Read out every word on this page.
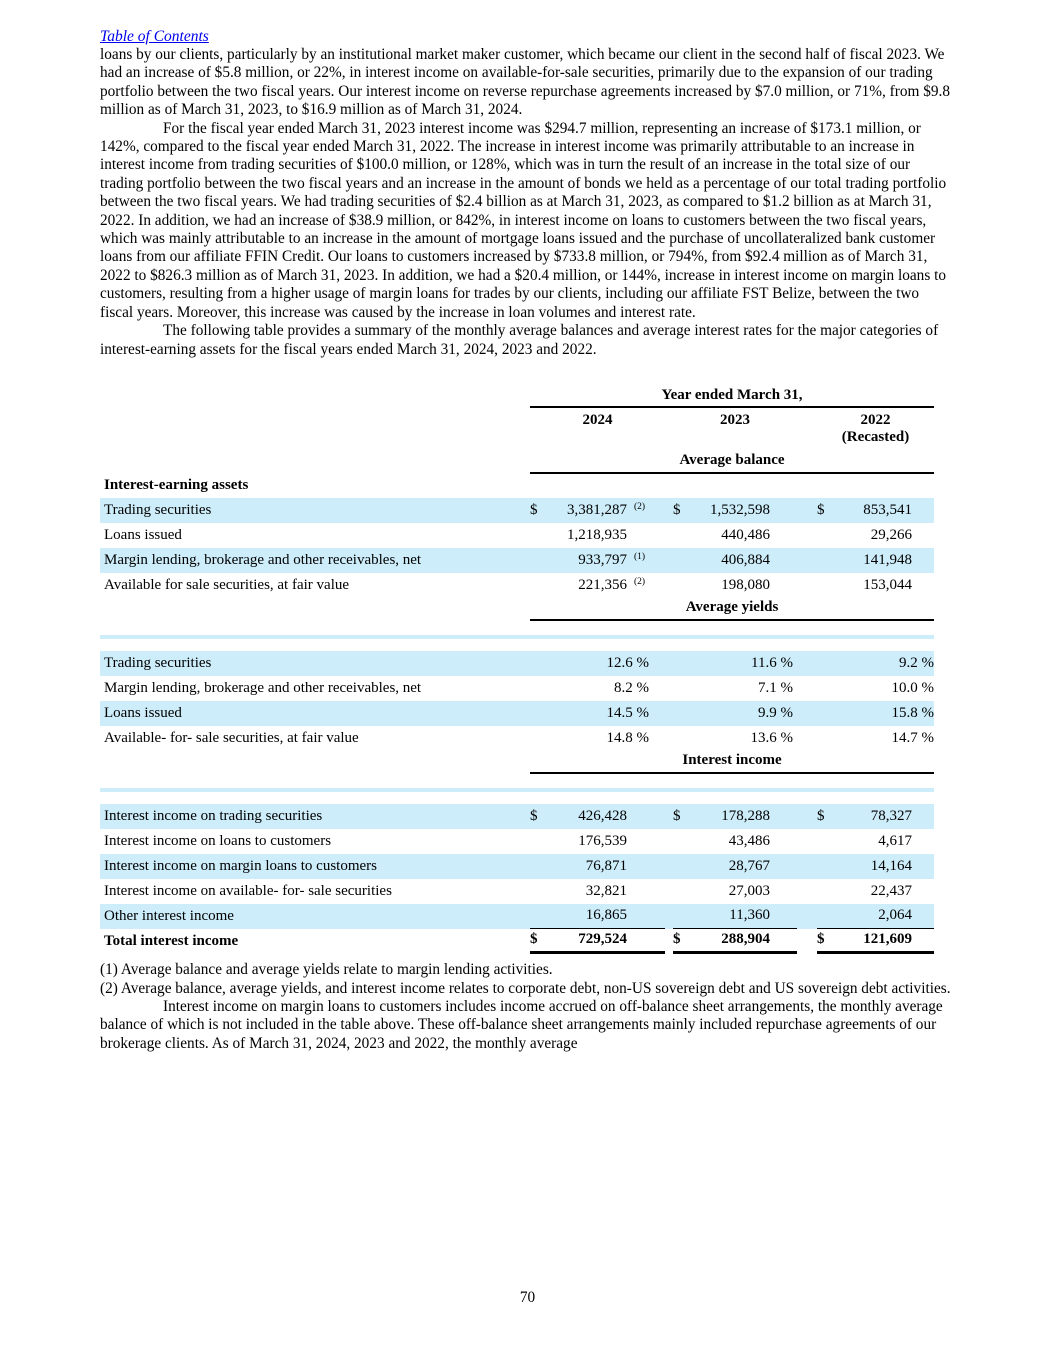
Table of Contents

loans by our clients, particularly by an institutional market maker customer, which became our client in the second half of fiscal 2023. We had an increase of $5.8 million, or 22%, in interest income on available-for-sale securities, primarily due to the expansion of our trading portfolio between the two fiscal years. Our interest income on reverse repurchase agreements increased by $7.0 million, or 71%, from $9.8 million as of March 31, 2023, to $16.9 million as of March 31, 2024.

For the fiscal year ended March 31, 2023 interest income was $294.7 million, representing an increase of $173.1 million, or 142%, compared to the fiscal year ended March 31, 2022. The increase in interest income was primarily attributable to an increase in interest income from trading securities of $100.0 million, or 128%, which was in turn the result of an increase in the total size of our trading portfolio between the two fiscal years and an increase in the amount of bonds we held as a percentage of our total trading portfolio between the two fiscal years. We had trading securities of $2.4 billion as at March 31, 2023, as compared to $1.2 billion as at March 31, 2022. In addition, we had an increase of $38.9 million, or 842%, in interest income on loans to customers between the two fiscal years, which was mainly attributable to an increase in the amount of mortgage loans issued and the purchase of uncollateralized bank customer loans from our affiliate FFIN Credit. Our loans to customers increased by $733.8 million, or 794%, from $92.4 million as of March 31, 2022 to $826.3 million as of March 31, 2023. In addition, we had a $20.4 million, or 144%, increase in interest income on margin loans to customers, resulting from a higher usage of margin loans for trades by our clients, including our affiliate FST Belize, between the two fiscal years. Moreover, this increase was caused by the increase in loan volumes and interest rate.

The following table provides a summary of the monthly average balances and average interest rates for the major categories of interest-earning assets for the fiscal years ended March 31, 2024, 2023 and 2022.

Year ended March 31,
2024	2023	2022
(Recasted)
Average balance
Interest-earning assets
Trading securities	$	3,381,287 $^{(2)}$	$	1,532,598	$	853,541
Loans issued	1,218,935	440,486	29,266
Margin lending, brokerage and other receivables, net	933,797 $^{(1)}$	406,884	141,948
Available for sale securities, at fair value	221,356 $^{(2)}$	198,080	153,044
Average yields
Trading securities	12.6 %	11.6 %	9.2 %
Margin lending, brokerage and other receivables, net	8.2 %	7.1 %	10.0 %
Loans issued	14.5 %	9.9 %	15.8 %
Available- for- sale securities, at fair value	14.8 %	13.6 %	14.7 %
Interest income
Interest income on trading securities	$	426,428	$	178,288	$	78,327
Interest income on loans to customers	176,539	43,486	4,617
Interest income on margin loans to customers	76,871	28,767	14,164
Interest income on available- for- sale securities	32,821	27,003	22,437
Other interest income	16,865	11,360	2,064
Total interest income	$	729,524	$	288,904	$	121,609
(1) Average balance and average yields relate to margin lending activities.
(2) Average balance, average yields, and interest income relates to corporate debt, non-US sovereign debt and US sovereign debt activities.

Interest income on margin loans to customers includes income accrued on off-balance sheet arrangements, the monthly average balance of which is not included in the table above. These off-balance sheet arrangements mainly included repurchase agreements of our brokerage clients. As of March 31, 2024, 2023 and 2022, the monthly average

70
